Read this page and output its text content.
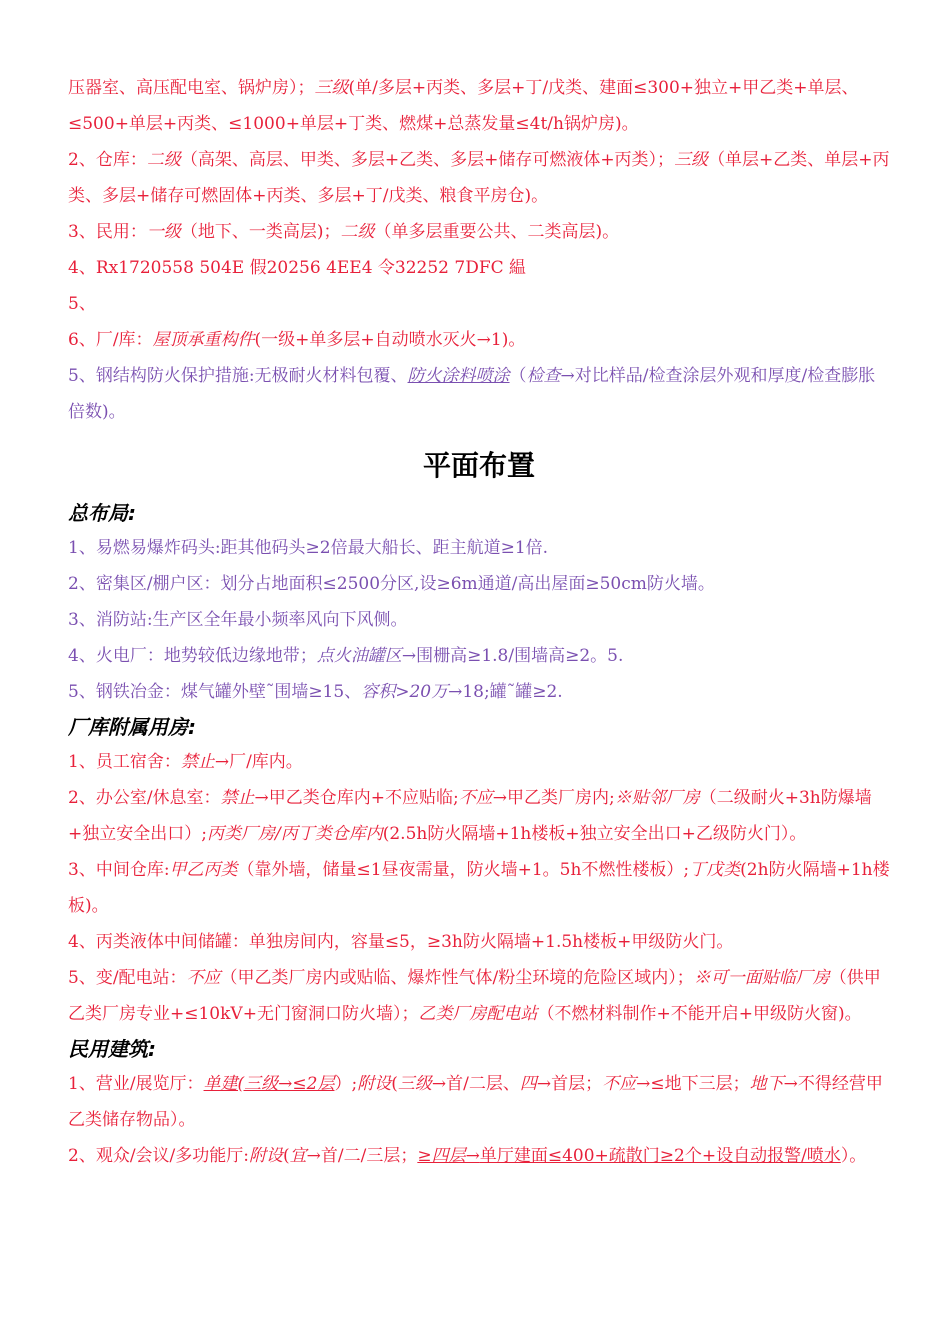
压器室、高压配电室、锅炉房）；三级(单/多层+丙类、多层+丁/戊类、建面≤300+独立+甲乙类+单层、≤500+单层+丙类、≤1000+单层+丁类、燃煤+总蒸发量≤4t/h锅炉房)。

2、仓库：二级（高架、高层、甲类、多层+乙类、多层+储存可燃液体+丙类）；三级（单层+乙类、单层+丙类、多层+储存可燃固体+丙类、多层+丁/戊类、粮食平房仓)。

3、民用：一级（地下、一类高层)；二级（单多层重要公共、二类高层)。

4、Rx1720558 504E 假20256 4EE4 令32252 7DFC 緼

5、

6、厂/库：屋顶承重构件(一级+单多层+自动喷水灭火→1)。

5、钢结构防火保护措施:无极耐火材料包覆、防火涂料喷涂（检查→对比样品/检查涂层外观和厚度/检查膨胀倍数)。

平面布置

总布局:

1、易燃易爆炸码头:距其他码头≥2倍最大船长、距主航道≥1倍.

2、密集区/棚户区：划分占地面积≤2500分区,设≥6m通道/高出屋面≥50cm防火墙。

3、消防站:生产区全年最小频率风向下风侧。

4、火电厂：地势较低边缘地带；点火油罐区→围栅高≥1.8/围墙高≥2。5.

5、钢铁冶金：煤气罐外壁˜围墙≥15、容积>20万→18;罐˜罐≥2.

厂库附属用房:

1、员工宿舍：禁止→厂/库内。

2、办公室/休息室：禁止→甲乙类仓库内+不应贴临;不应→甲乙类厂房内;※贴邻厂房（二级耐火+3h防爆墙+独立安全出口）;丙类厂房/丙丁类仓库内(2.5h防火隔墙+1h楼板+独立安全出口+乙级防火门）。

3、中间仓库:甲乙丙类（靠外墙，储量≤1昼夜需量，防火墙+1。5h不燃性楼板）;丁戊类(2h防火隔墙+1h楼板)。

4、丙类液体中间储罐：单独房间内，容量≤5，≥3h防火隔墙+1.5h楼板+甲级防火门。

5、变/配电站：不应（甲乙类厂房内或贴临、爆炸性气体/粉尘环境的危险区域内）；※可一面贴临厂房（供甲乙类厂房专业+≤10kV+无门窗洞口防火墙）；乙类厂房配电站（不燃材料制作+不能开启+甲级防火窗)。

民用建筑:

1、营业/展览厅：单建(三级→≤2层）;附设(三级→首/二层、四→首层；不应→≤地下三层；地下→不得经营甲乙类储存物品）。

2、观众/会议/多功能厅:附设(宜→首/二/三层；≥四层→单厅建面≤400+疏散门≥2个+设自动报警/喷水）。
